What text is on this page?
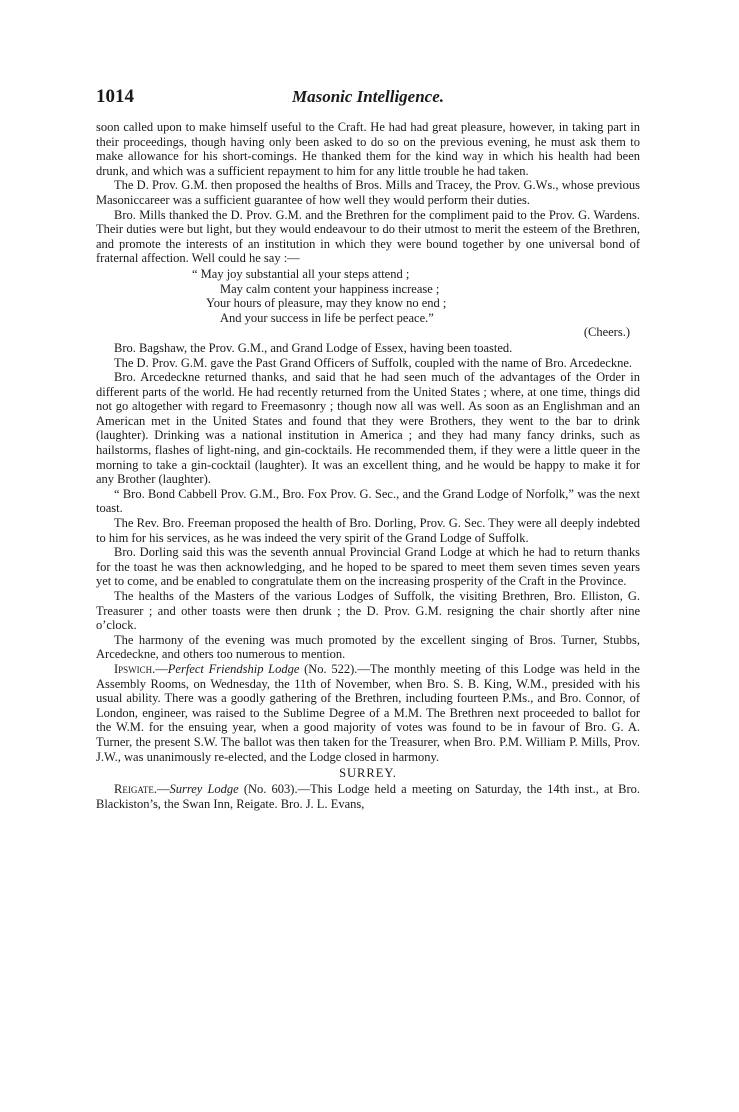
1014	Masonic Intelligence.

soon called upon to make himself useful to the Craft. He had had great pleasure, however, in taking part in their proceedings, though having only been asked to do so on the previous evening, he must ask them to make allowance for his short-comings. He thanked them for the kind way in which his health had been drunk, and which was a sufficient repayment to him for any little trouble he had taken.

The D. Prov. G.M. then proposed the healths of Bros. Mills and Tracey, the Prov. G.Ws., whose previous Masoniccareer was a sufficient guarantee of how well they would perform their duties.

Bro. Mills thanked the D. Prov. G.M. and the Brethren for the compliment paid to the Prov. G. Wardens. Their duties were but light, but they would endeavour to do their utmost to merit the esteem of the Brethren, and promote the interests of an institution in which they were bound together by one universal bond of fraternal affection. Well could he say :—

“ May joy substantial all your steps attend ;
May calm content your happiness increase ;
Your hours of pleasure, may they know no end ;
And your success in life be perfect peace.”
(Cheers.)

Bro. Bagshaw, the Prov. G.M., and Grand Lodge of Essex, having been toasted.

The D. Prov. G.M. gave the Past Grand Officers of Suffolk, coupled with the name of Bro. Arcedeckne.

Bro. Arcedeckne returned thanks, and said that he had seen much of the advantages of the Order in different parts of the world. He had recently returned from the United States ; where, at one time, things did not go altogether with regard to Freemasonry ; though now all was well. As soon as an Englishman and an American met in the United States and found that they were Brothers, they went to the bar to drink (laughter). Drinking was a national institution in America ; and they had many fancy drinks, such as hailstorms, flashes of light-ning, and gin-cocktails. He recommended them, if they were a little queer in the morning to take a gin-cocktail (laughter). It was an excellent thing, and he would be happy to make it for any Brother (laughter).

“ Bro. Bond Cabbell Prov. G.M., Bro. Fox Prov. G. Sec., and the Grand Lodge of Norfolk,” was the next toast.

The Rev. Bro. Freeman proposed the health of Bro. Dorling, Prov. G. Sec. They were all deeply indebted to him for his services, as he was indeed the very spirit of the Grand Lodge of Suffolk.

Bro. Dorling said this was the seventh annual Provincial Grand Lodge at which he had to return thanks for the toast he was then acknowledging, and he hoped to be spared to meet them seven times seven years yet to come, and be enabled to congratulate them on the increasing prosperity of the Craft in the Province.

The healths of the Masters of the various Lodges of Suffolk, the visiting Brethren, Bro. Elliston, G. Treasurer ; and other toasts were then drunk ; the D. Prov. G.M. resigning the chair shortly after nine o’clock.

The harmony of the evening was much promoted by the excellent singing of Bros. Turner, Stubbs, Arcedeckne, and others too numerous to mention.

Ipswich.—Perfect Friendship Lodge (No. 522).—The monthly meeting of this Lodge was held in the Assembly Rooms, on Wednesday, the 11th of November, when Bro. S. B. King, W.M., presided with his usual ability. There was a goodly gathering of the Brethren, including fourteen P.Ms., and Bro. Connor, of London, engineer, was raised to the Sublime Degree of a M.M. The Brethren next proceeded to ballot for the W.M. for the ensuing year, when a good majority of votes was found to be in favour of Bro. G. A. Turner, the present S.W. The ballot was then taken for the Treasurer, when Bro. P.M. William P. Mills, Prov. J.W., was unanimously re-elected, and the Lodge closed in harmony.

SURREY.

Reigate.—Surrey Lodge (No. 603).—This Lodge held a meeting on Saturday, the 14th inst., at Bro. Blackiston’s, the Swan Inn, Reigate. Bro. J. L. Evans,
